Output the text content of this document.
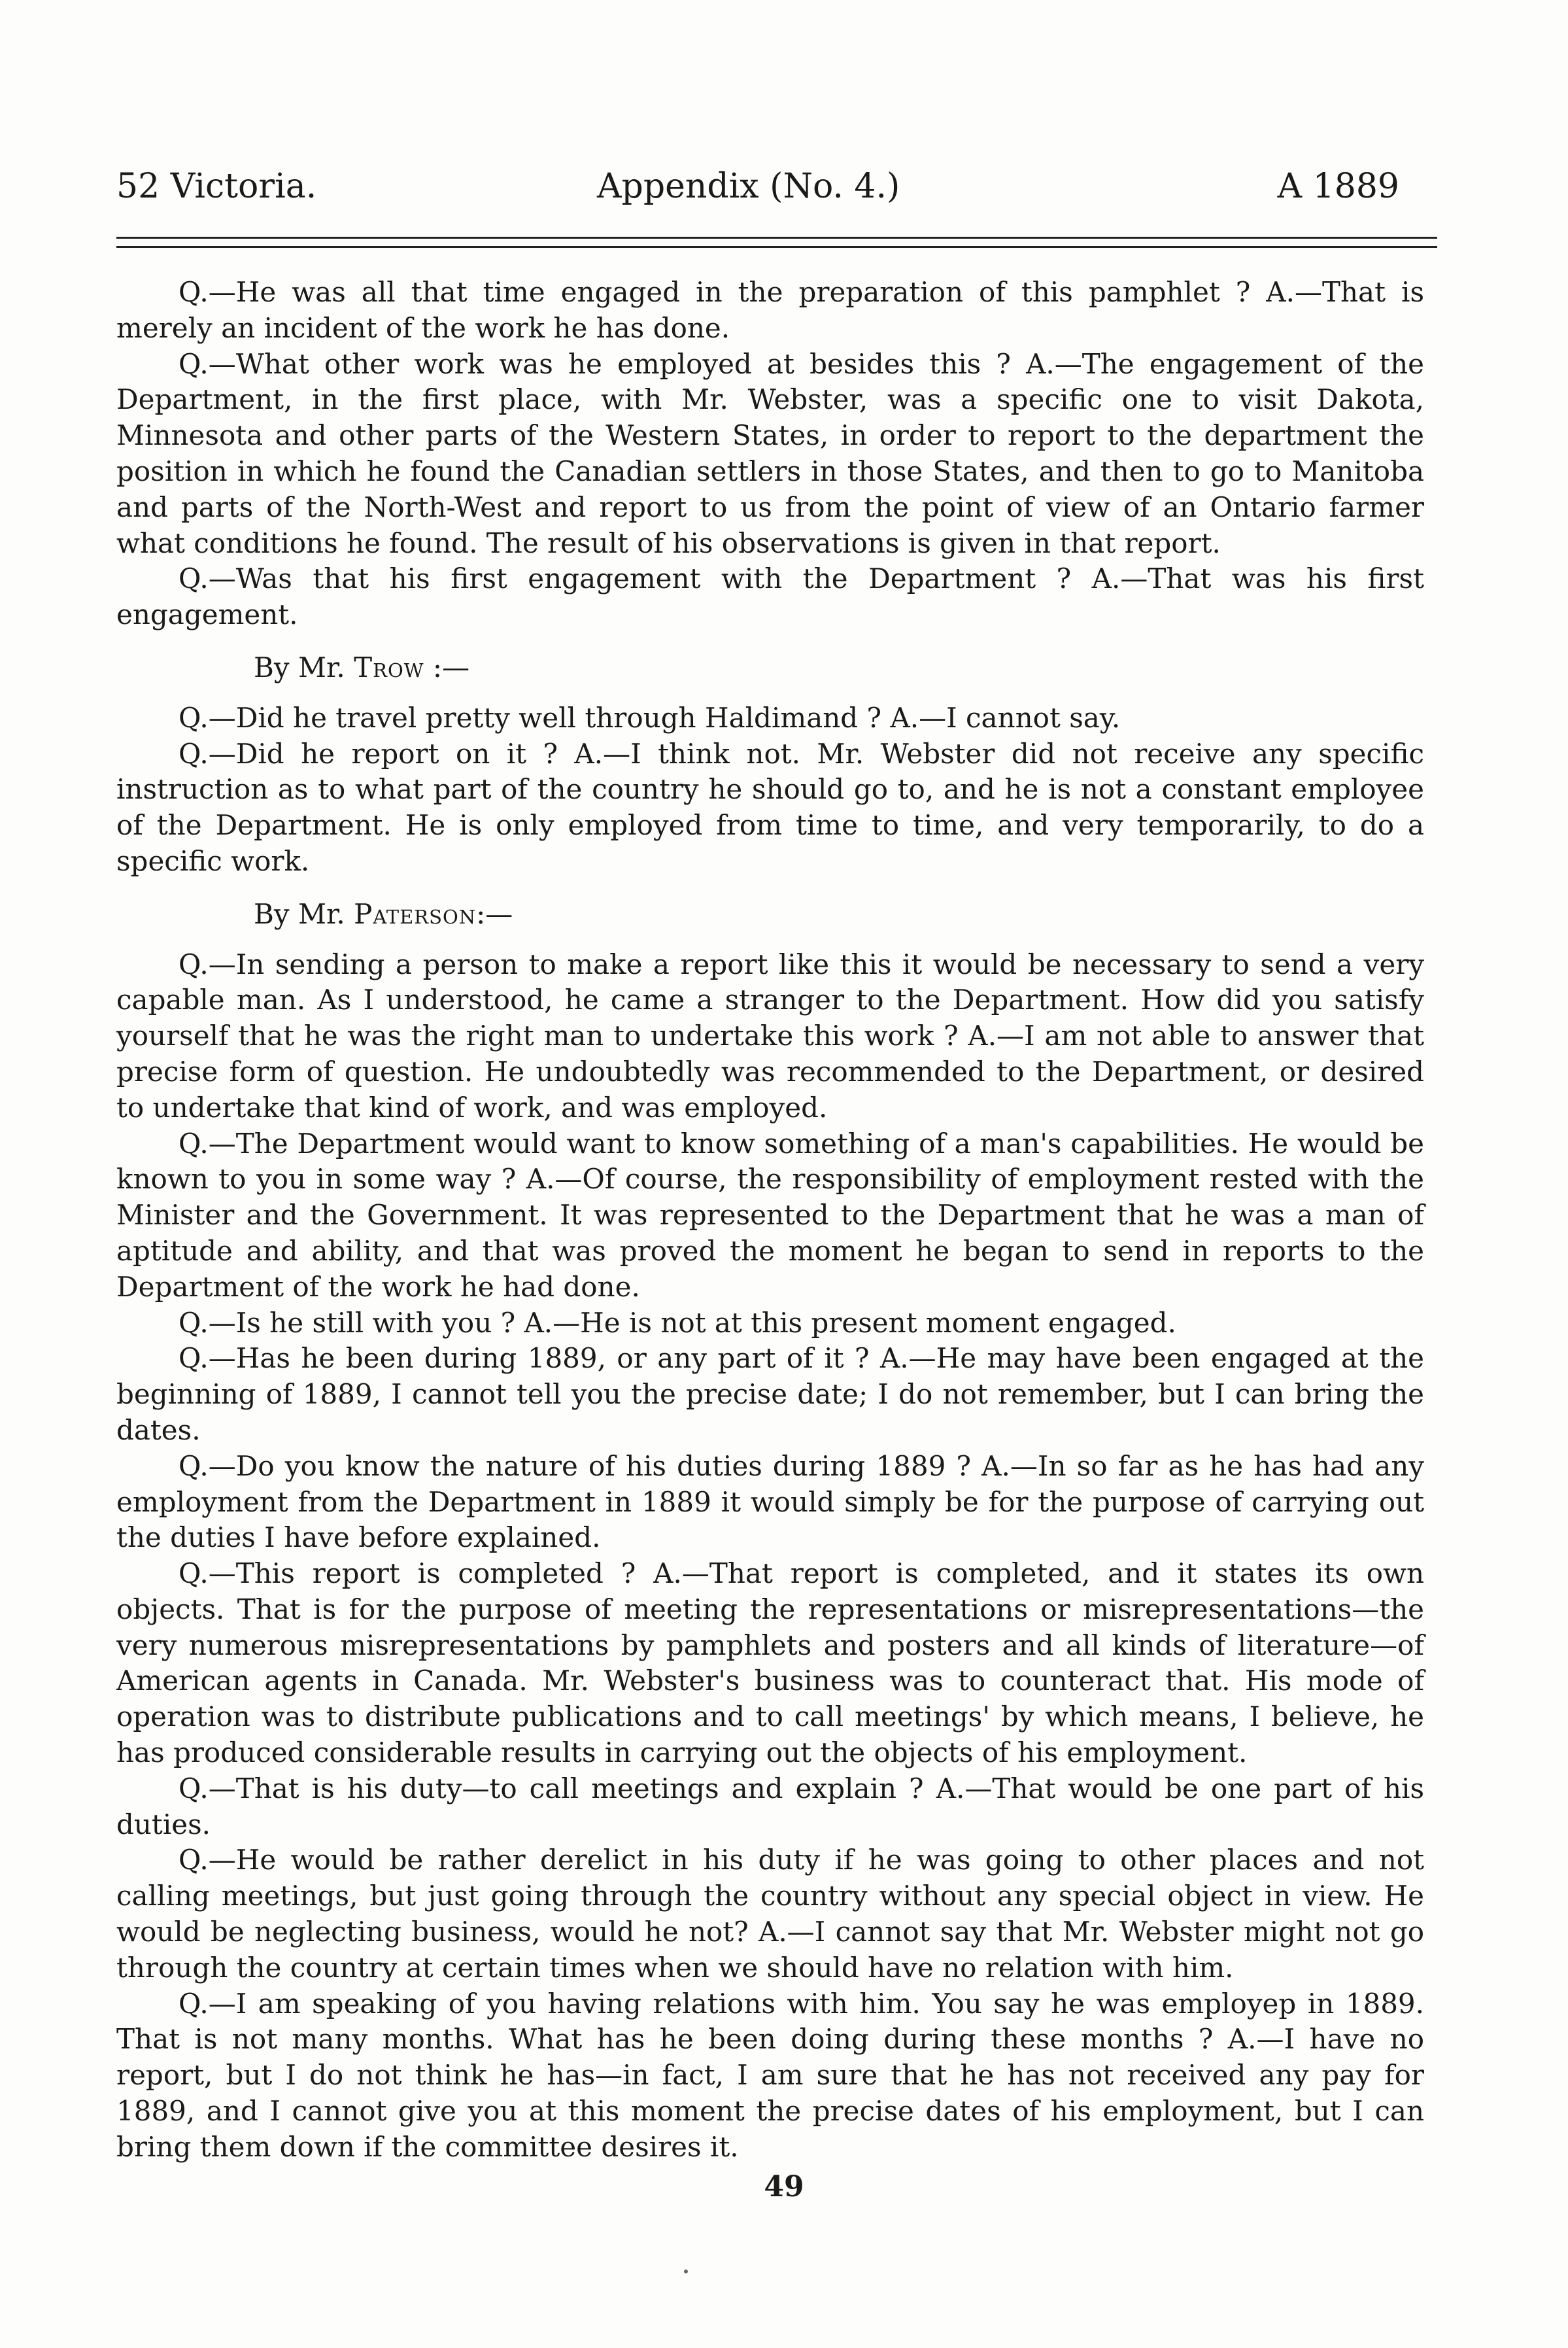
52 Victoria.	Appendix (No. 4.)	A 1889

Q.—He was all that time engaged in the preparation of this pamphlet ? A.—That is merely an incident of the work he has done.

Q.—What other work was he employed at besides this ? A.—The engagement of the Department, in the first place, with Mr. Webster, was a specific one to visit Dakota, Minnesota and other parts of the Western States, in order to report to the department the position in which he found the Canadian settlers in those States, and then to go to Manitoba and parts of the North-West and report to us from the point of view of an Ontario farmer what conditions he found. The result of his observations is given in that report.

Q.—Was that his first engagement with the Department ? A.—That was his first engagement.

By Mr. Trow :—

Q.—Did he travel pretty well through Haldimand ? A.—I cannot say.

Q.—Did he report on it ? A.—I think not. Mr. Webster did not receive any specific instruction as to what part of the country he should go to, and he is not a constant employee of the Department. He is only employed from time to time, and very temporarily, to do a specific work.

By Mr. Paterson:—

Q.—In sending a person to make a report like this it would be necessary to send a very capable man. As I understood, he came a stranger to the Department. How did you satisfy yourself that he was the right man to undertake this work ? A.—I am not able to answer that precise form of question. He undoubtedly was recommended to the Department, or desired to undertake that kind of work, and was employed.

Q.—The Department would want to know something of a man's capabilities. He would be known to you in some way ? A.—Of course, the responsibility of employment rested with the Minister and the Government. It was represented to the Department that he was a man of aptitude and ability, and that was proved the moment he began to send in reports to the Department of the work he had done.

Q.—Is he still with you ? A.—He is not at this present moment engaged.

Q.—Has he been during 1889, or any part of it ? A.—He may have been engaged at the beginning of 1889, I cannot tell you the precise date; I do not remember, but I can bring the dates.

Q.—Do you know the nature of his duties during 1889 ? A.—In so far as he has had any employment from the Department in 1889 it would simply be for the purpose of carrying out the duties I have before explained.

Q.—This report is completed ? A.—That report is completed, and it states its own objects. That is for the purpose of meeting the representations or misrepresentations—the very numerous misrepresentations by pamphlets and posters and all kinds of literature—of American agents in Canada. Mr. Webster's business was to counteract that. His mode of operation was to distribute publications and to call meetings' by which means, I believe, he has produced considerable results in carrying out the objects of his employment.

Q.—That is his duty—to call meetings and explain ? A.—That would be one part of his duties.

Q.—He would be rather derelict in his duty if he was going to other places and not calling meetings, but just going through the country without any special object in view. He would be neglecting business, would he not? A.—I cannot say that Mr. Webster might not go through the country at certain times when we should have no relation with him.

Q.—I am speaking of you having relations with him. You say he was employep in 1889. That is not many months. What has he been doing during these months ? A.—I have no report, but I do not think he has—in fact, I am sure that he has not received any pay for 1889, and I cannot give you at this moment the precise dates of his employment, but I can bring them down if the committee desires it.

49
